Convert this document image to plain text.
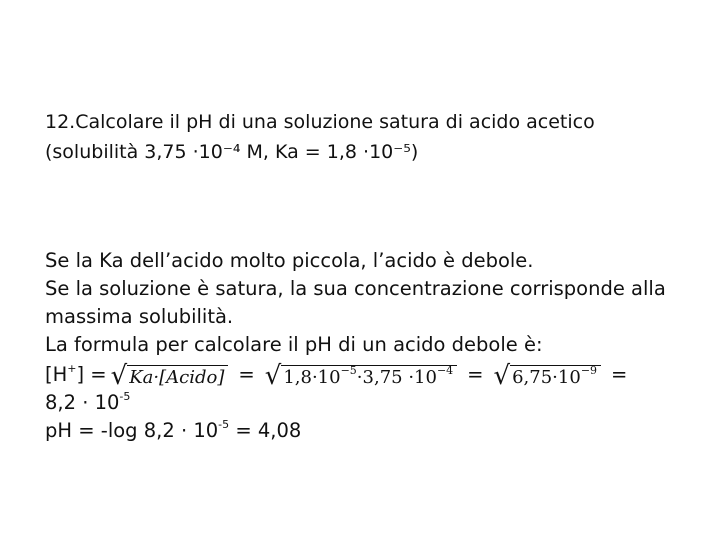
12.Calcolare il pH di una soluzione satura di acido acetico
(solubilità 3,75 ·10⁻⁴ M, Ka = 1,8 ·10⁻⁵)
Se la Ka dell’acido molto piccola, l’acido è debole.
Se la soluzione è satura, la sua concentrazione corrisponde alla
massima solubilità.
La formula per calcolare il pH di un acido debole è:
[H+] = √ Ka·[Acido] = √ $1,8\cdot 10^{-5}\cdot 3,75 \cdot 10^{-4}$ = √ $6,75\cdot 10^{-9}$ =
$8,2 \cdot 10^{-5}$
pH = -log $8,2 \cdot 10^{-5} = 4,08$
